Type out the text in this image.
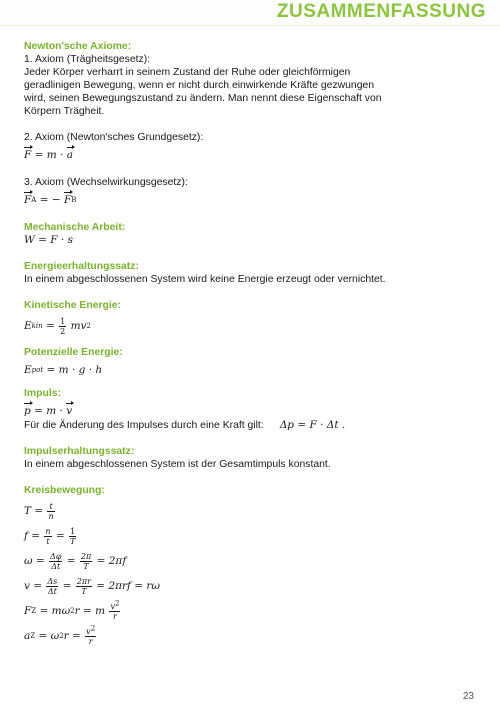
ZUSAMMENFASSUNG

Newton'sche Axiome:

1. Axiom (Trägheitsgesetz):

Jeder Körper verharrt in seinem Zustand der Ruhe oder gleichförmigen

geradlinigen Bewegung, wenn er nicht durch einwirkende Kräfte gezwungen

wird, seinen Bewegungszustand zu ändern. Man nennt diese Eigenschaft von

Körpern Trägheit.

2. Axiom (Newton'sches Grundgesetz):

F = m · a

3. Axiom (Wechselwirkungsgesetz):

F A = − F B

Mechanische Arbeit:

W = F · s

Energieerhaltungssatz:

In einem abgeschlossenen System wird keine Energie erzeugt oder vernichtet.

Kinetische Energie:

E kin = $\frac{1}{2}$ mv 2

Potenzielle Energie:

E pot = m · g · h

Impuls:

p = m · v

Für die Änderung des Impulses durch eine Kraft gilt: Δp = F · Δt .

Impulserhaltungssatz:

In einem abgeschlossenen System ist der Gesamtimpuls konstant.

Kreisbewegung:

$T = \frac{t}{n}$
$f = \frac{n}{t} = \frac{1}{T}$
$\omega = \frac{\Delta\varphi}{\Delta t} = \frac{2\pi}{T} = 2\pi f$
$v = \frac{\Delta s}{\Delta t} = \frac{2\pi r}{T} = 2\pi rf = r\omega$
F Z = mω 2 r = m $\frac{v^2}{r}$
a Z = ω 2 $r = \frac{v^2}{r}$
23
